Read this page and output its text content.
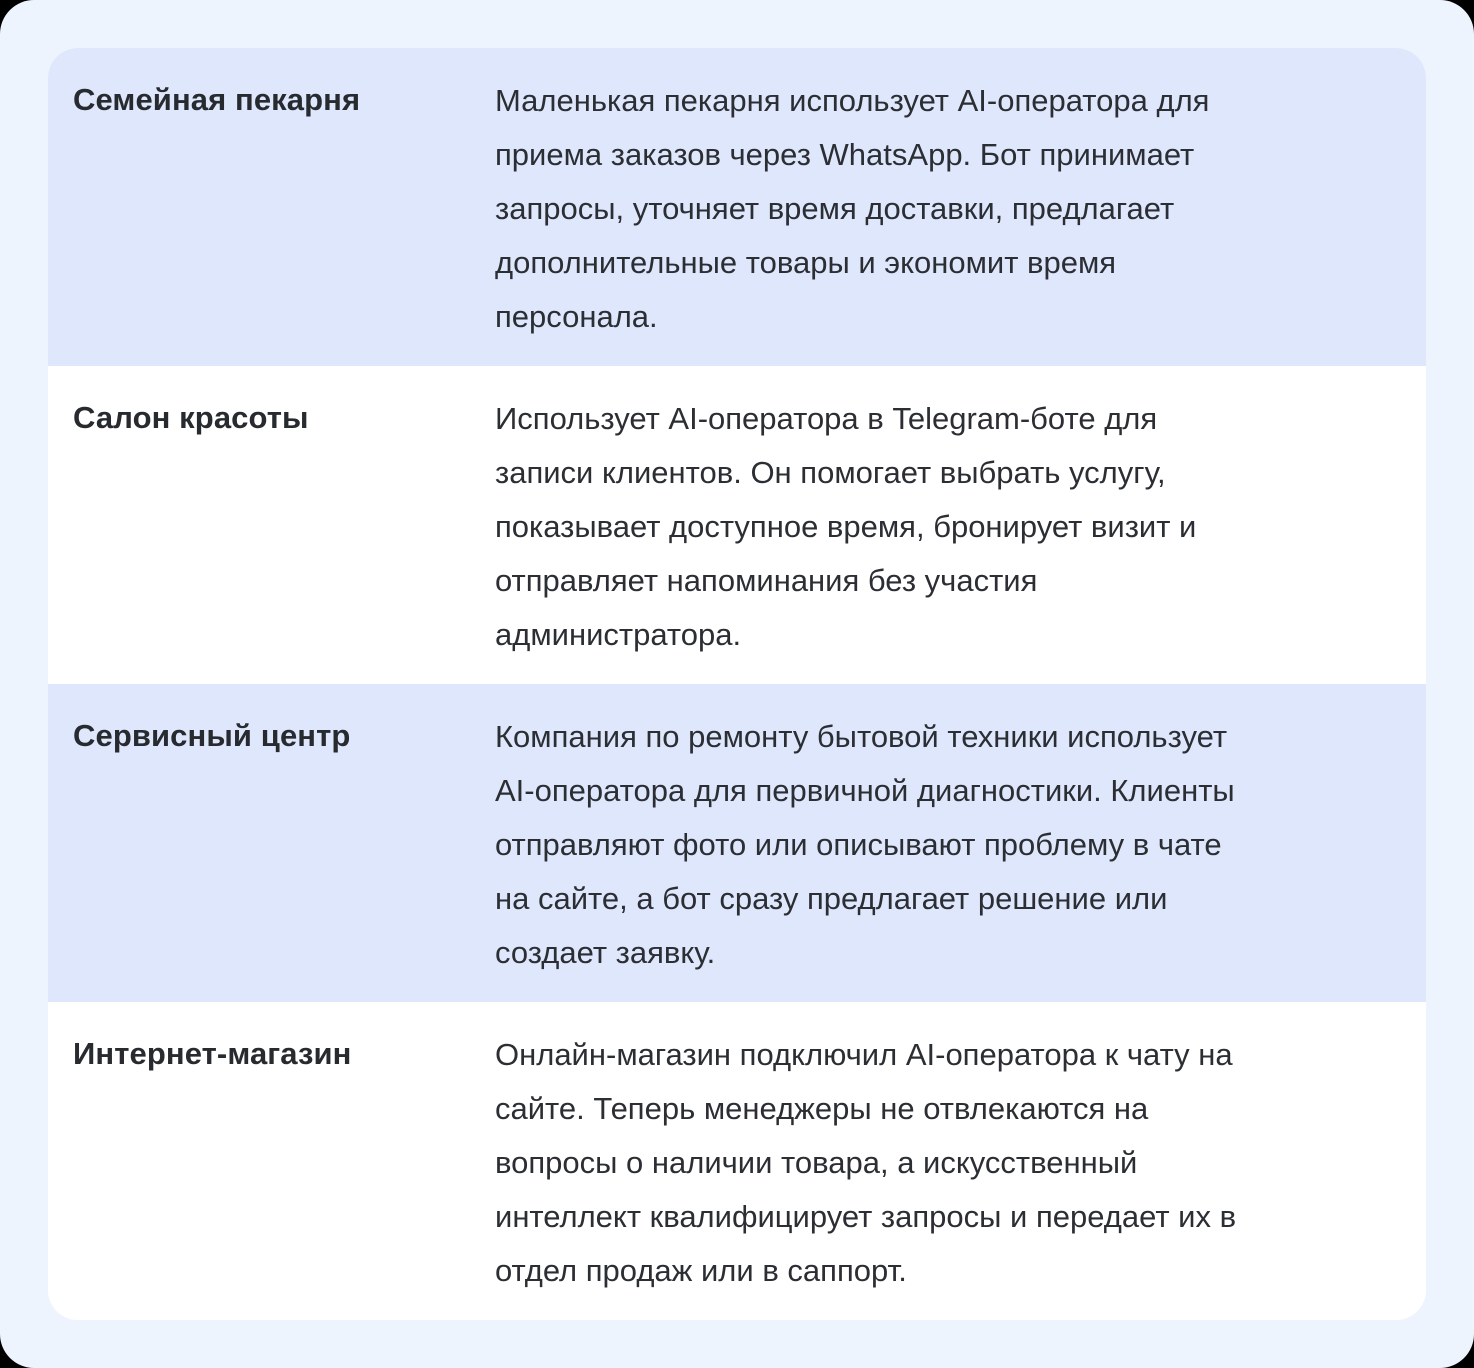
Семейная пекарня	Маленькая пекарня использует AI-оператора для
приема заказов через WhatsApp. Бот принимает
запросы, уточняет время доставки, предлагает
дополнительные товары и экономит время
персонала.
Салон красоты	Использует AI-оператора в Telegram-боте для
записи клиентов. Он помогает выбрать услугу,
показывает доступное время, бронирует визит и
отправляет напоминания без участия
администратора.
Сервисный центр	Компания по ремонту бытовой техники использует
AI-оператора для первичной диагностики. Клиенты
отправляют фото или описывают проблему в чате
на сайте, а бот сразу предлагает решение или
создает заявку.
Интернет-магазин	Онлайн-магазин подключил AI-оператора к чату на
сайте. Теперь менеджеры не отвлекаются на
вопросы о наличии товара, а искусственный
интеллект квалифицирует запросы и передает их в
отдел продаж или в саппорт.
